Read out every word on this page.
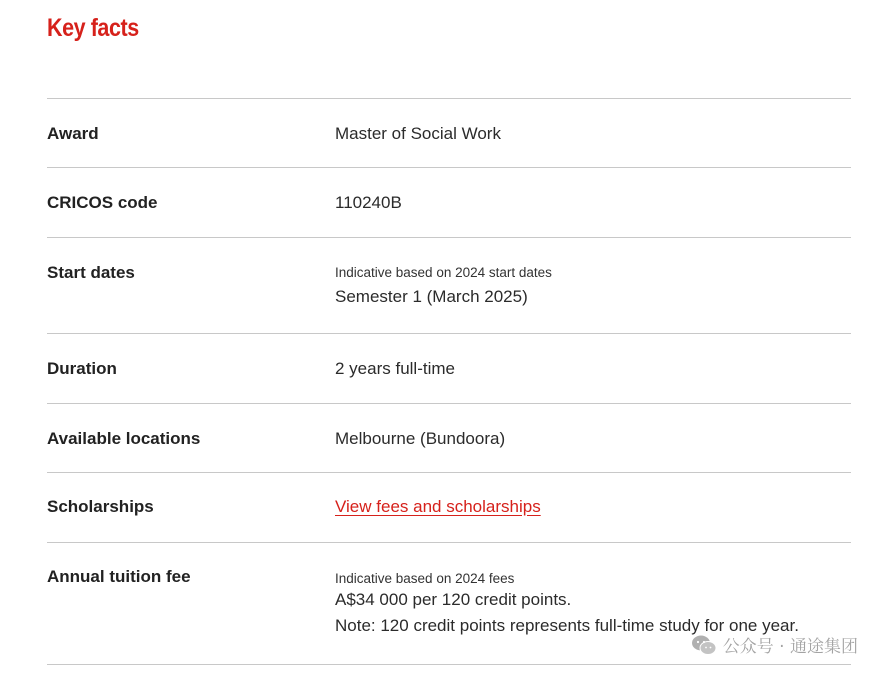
Key facts
Award	Master of Social Work
CRICOS code	110240B
Start dates	Indicative based on 2024 start dates
Semester 1 (March 2025)
Duration	2 years full-time
Available locations	Melbourne (Bundoora)
Scholarships	View fees and scholarships
Annual tuition fee	Indicative based on 2024 fees
A$34 000 per 120 credit points.
Note: 120 credit points represents full-time study for one year.
公众号 · 通途集团
